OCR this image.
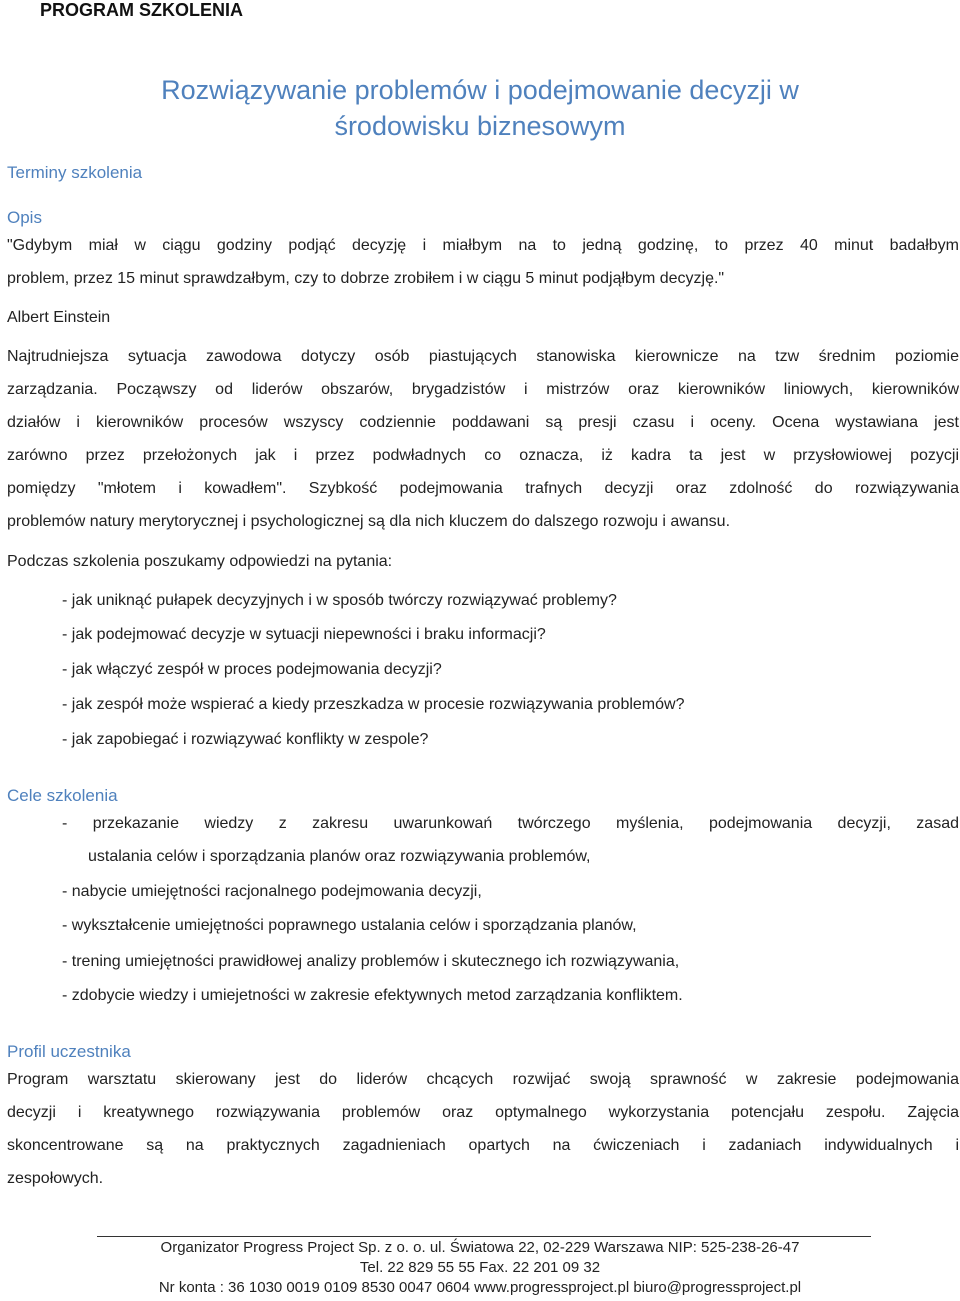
PROGRAM SZKOLENIA
Rozwiązywanie problemów i podejmowanie decyzji w
środowisku biznesowym
Terminy szkolenia
Opis
"Gdybym miał w ciągu godziny podjąć decyzję i miałbym na to jedną godzinę, to przez 40 minut badałbym
problem, przez 15 minut sprawdzałbym, czy to dobrze zrobiłem i w ciągu 5 minut podjąłbym decyzję."
Albert Einstein
Najtrudniejsza sytuacja zawodowa dotyczy osób piastujących stanowiska kierownicze na tzw średnim poziomie
zarządzania. Począwszy od liderów obszarów, brygadzistów i mistrzów oraz kierowników liniowych, kierowników
działów i kierowników procesów wszyscy codziennie poddawani są presji czasu i oceny. Ocena wystawiana jest
zarówno przez przełożonych jak i przez podwładnych co oznacza, iż kadra ta jest w przysłowiowej pozycji
pomiędzy "młotem i kowadłem". Szybkość podejmowania trafnych decyzji oraz zdolność do rozwiązywania
problemów natury merytorycznej i psychologicznej są dla nich kluczem do dalszego rozwoju i awansu.
Podczas szkolenia poszukamy odpowiedzi na pytania:
- jak uniknąć pułapek decyzyjnych i w sposób twórczy rozwiązywać problemy?
- jak podejmować decyzje w sytuacji niepewności i braku informacji?
- jak włączyć zespół w proces podejmowania decyzji?
- jak zespół może wspierać a kiedy przeszkadza w procesie rozwiązywania problemów?
- jak zapobiegać i rozwiązywać konflikty w zespole?
Cele szkolenia
- przekazanie wiedzy z zakresu uwarunkowań twórczego myślenia, podejmowania decyzji, zasad
ustalania celów i sporządzania planów oraz rozwiązywania problemów,
- nabycie umiejętności racjonalnego podejmowania decyzji,
- wykształcenie umiejętności poprawnego ustalania celów i sporządzania planów,
- trening umiejętności prawidłowej analizy problemów i skutecznego ich rozwiązywania,
- zdobycie wiedzy i umiejetności w zakresie efektywnych metod zarządzania konfliktem.
Profil uczestnika
Program warsztatu skierowany jest do liderów chcących rozwijać swoją sprawność w zakresie podejmowania
decyzji i kreatywnego rozwiązywania problemów oraz optymalnego wykorzystania potencjału zespołu. Zajęcia
skoncentrowane są na praktycznych zagadnieniach opartych na ćwiczeniach i zadaniach indywidualnych i
zespołowych.
Organizator Progress Project Sp. z o. o. ul. Światowa 22, 02-229 Warszawa NIP: 525-238-26-47
Tel. 22 829 55 55 Fax. 22 201 09 32
Nr konta : 36 1030 0019 0109 8530 0047 0604 www.progressproject.pl biuro@progressproject.pl
